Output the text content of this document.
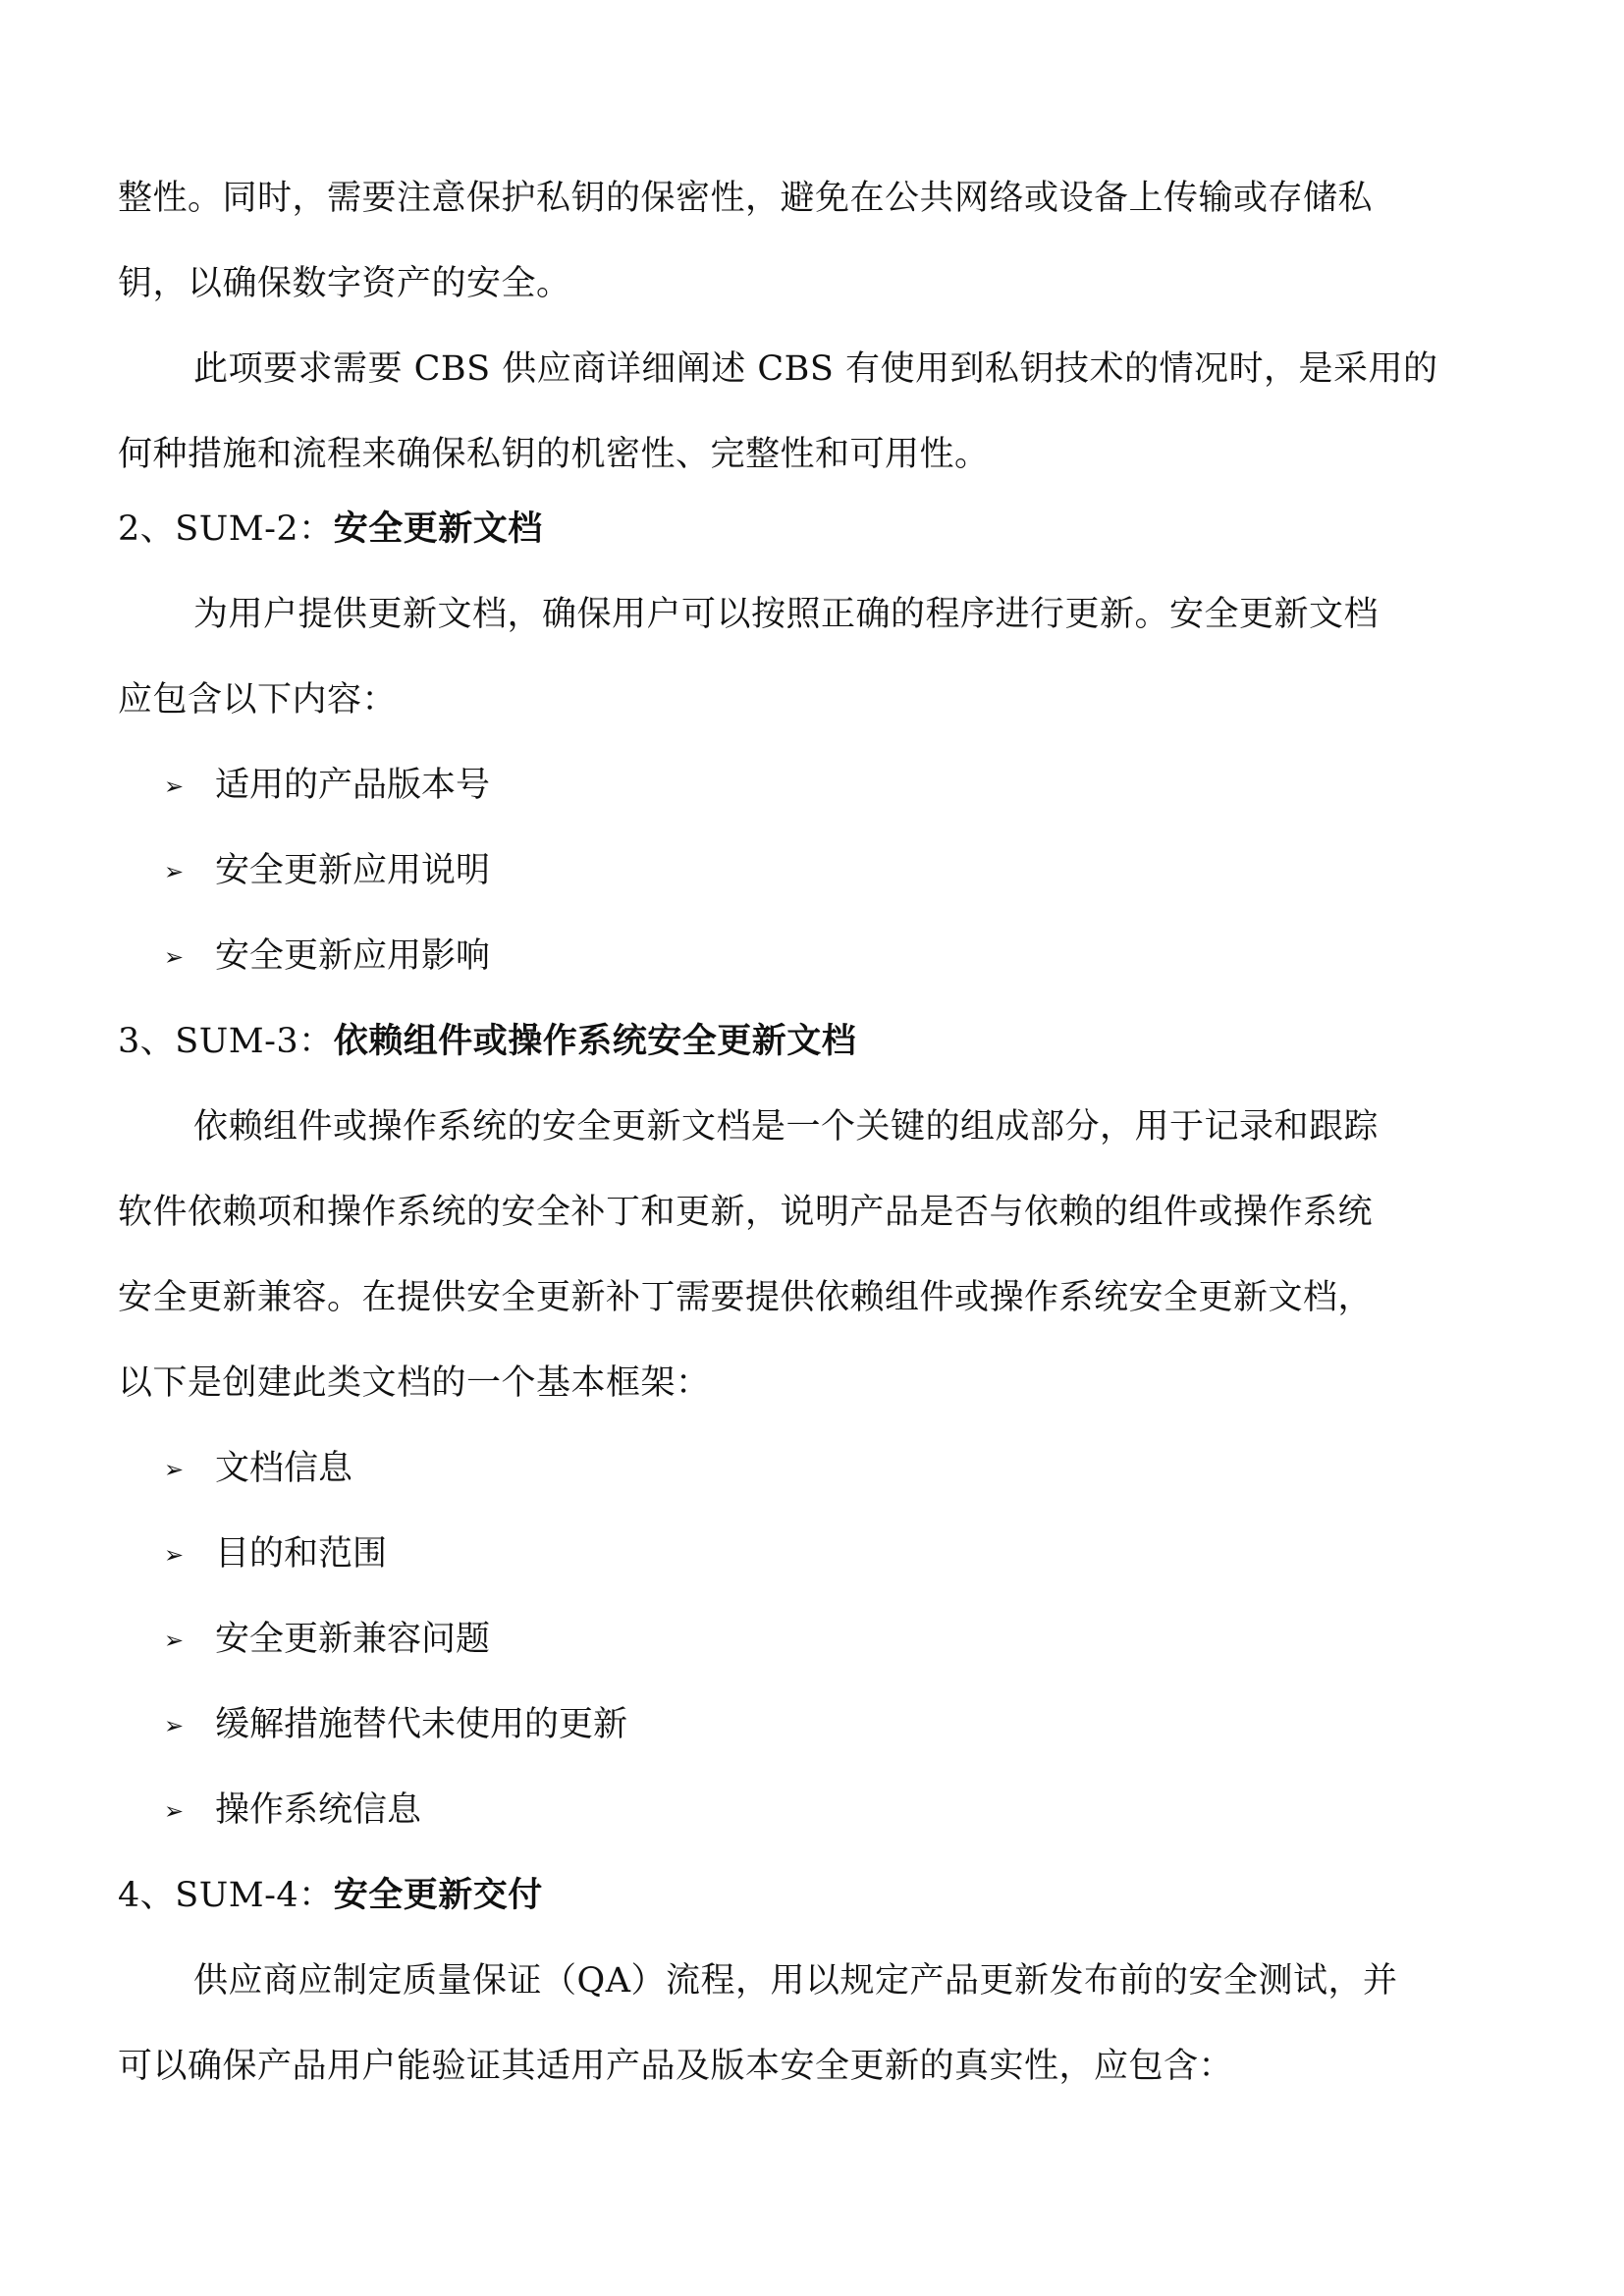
整性。同时，需要注意保护私钥的保密性，避免在公共网络或设备上传输或存储私
钥，以确保数字资产的安全。
此项要求需要 CBS 供应商详细阐述 CBS 有使用到私钥技术的情况时，是采用的
何种措施和流程来确保私钥的机密性、完整性和可用性。
2、SUM-2：安全更新文档
为用户提供更新文档，确保用户可以按照正确的程序进行更新。安全更新文档
应包含以下内容：
➢ 适用的产品版本号
➢ 安全更新应用说明
➢ 安全更新应用影响
3、SUM-3：依赖组件或操作系统安全更新文档
依赖组件或操作系统的安全更新文档是一个关键的组成部分，用于记录和跟踪
软件依赖项和操作系统的安全补丁和更新，说明产品是否与依赖的组件或操作系统
安全更新兼容。在提供安全更新补丁需要提供依赖组件或操作系统安全更新文档，
以下是创建此类文档的一个基本框架：
➢ 文档信息
➢ 目的和范围
➢ 安全更新兼容问题
➢ 缓解措施替代未使用的更新
➢ 操作系统信息
4、SUM-4：安全更新交付
供应商应制定质量保证（QA）流程，用以规定产品更新发布前的安全测试，并
可以确保产品用户能验证其适用产品及版本安全更新的真实性，应包含：
